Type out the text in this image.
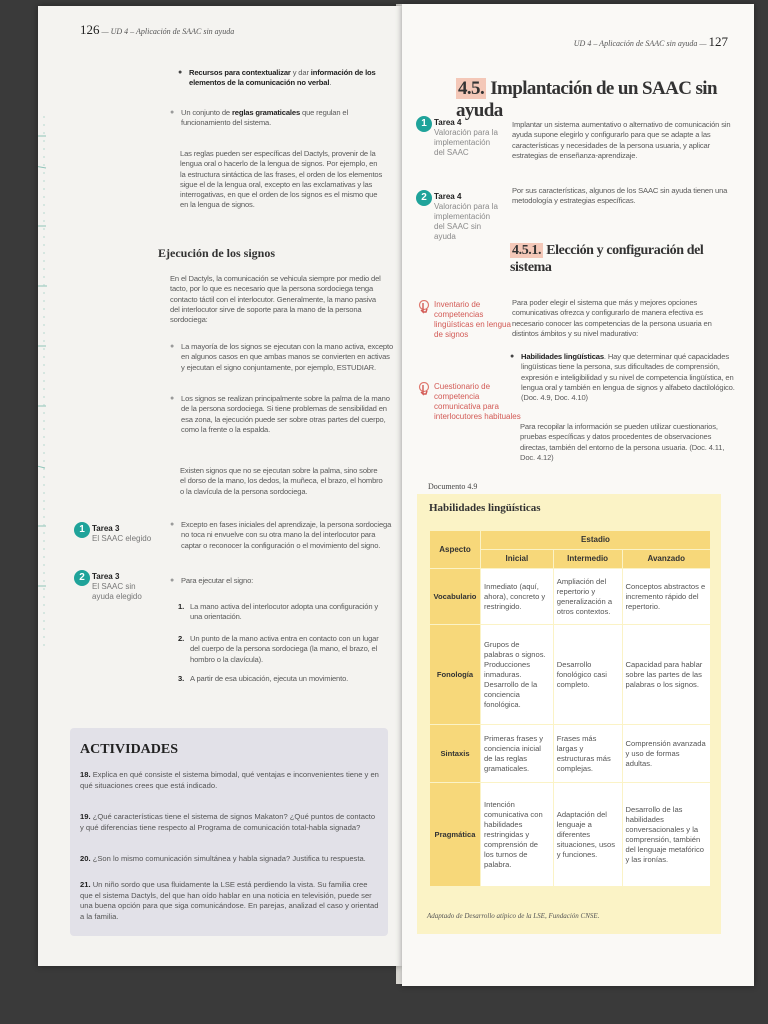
126 — UD 4 – Aplicación de SAAC sin ayuda
● Recursos para contextualizar y dar información de los elementos de la comunicación no verbal.
● Un conjunto de reglas gramaticales que regulan el funcionamiento del sistema.
Las reglas pueden ser específicas del Dactyls, provenir de la lengua oral o hacerlo de la lengua de signos. Por ejemplo, en la estructura sintáctica de las frases, el orden de los elementos sigue el de la lengua oral, excepto en las exclamativas y las interrogativas, en que el orden de los signos es el mismo que en la lengua de signos.
Ejecución de los signos
En el Dactyls, la comunicación se vehicula siempre por medio del tacto, por lo que es necesario que la persona sordociega tenga contacto táctil con el interlocutor. Generalmente, la mano pasiva del interlocutor sirve de soporte para la mano de la persona sordociega:
● La mayoría de los signos se ejecutan con la mano activa, excepto en algunos casos en que ambas manos se convierten en activas y ejecutan el signo conjuntamente, por ejemplo, ESTUDIAR.
● Los signos se realizan principalmente sobre la palma de la mano de la persona sordociega. Si tiene problemas de sensibilidad en esa zona, la ejecución puede ser sobre otras partes del cuerpo, como la frente o la espalda.
Existen signos que no se ejecutan sobre la palma, sino sobre el dorso de la mano, los dedos, la muñeca, el brazo, el hombro o la clavícula de la persona sordociega.
● Excepto en fases iniciales del aprendizaje, la persona sordociega no toca ni envuelve con su otra mano la del interlocutor para captar o reconocer la configuración o el movimiento del signo.
● Para ejecutar el signo:
1. La mano activa del interlocutor adopta una configuración y una orientación.
2. Un punto de la mano activa entra en contacto con un lugar del cuerpo de la persona sordociega (la mano, el brazo, el hombro o la clavícula).
3. A partir de esa ubicación, ejecuta un movimiento.
1 Tarea 3
El SAAC elegido
2 Tarea 3
El SAAC sin ayuda elegido
ACTIVIDADES
18. Explica en qué consiste el sistema bimodal, qué ventajas e inconvenientes tiene y en qué situaciones crees que está indicado.
19. ¿Qué características tiene el sistema de signos Makaton? ¿Qué puntos de contacto y qué diferencias tiene respecto al Programa de comunicación total-habla signada?
20. ¿Son lo mismo comunicación simultánea y habla signada? Justifica tu respuesta.
21. Un niño sordo que usa fluidamente la LSE está perdiendo la vista. Su familia cree que el sistema Dactyls, del que han oído hablar en una noticia en televisión, puede ser una buena opción para que siga comunicándose. En parejas, analizad el caso y orientad a la familia.
UD 4 – Aplicación de SAAC sin ayuda — 127
4.5. Implantación de un SAAC sin ayuda
1 Tarea 4
Valoración para la implementación del SAAC
2 Tarea 4
Valoración para la implementación del SAAC sin ayuda
Implantar un sistema aumentativo o alternativo de comunicación sin ayuda supone elegirlo y configurarlo para que se adapte a las características y necesidades de la persona usuaria, y aplicar estrategias de enseñanza-aprendizaje.
Por sus características, algunos de los SAAC sin ayuda tienen una metodología y estrategias específicas.
4.5.1. Elección y configuración del sistema
Para poder elegir el sistema que más y mejores opciones comunicativas ofrezca y configurarlo de manera efectiva es necesario conocer las competencias de la persona usuaria en distintos ámbitos y su nivel madurativo:
● Habilidades lingüísticas. Hay que determinar qué capacidades lingüísticas tiene la persona, sus dificultades de comprensión, expresión e inteligibilidad y su nivel de competencia lingüística, en lengua oral y también en lengua de signos y alfabeto dactilológico. (Doc. 4.9, Doc. 4.10)
Para recopilar la información se pueden utilizar cuestionarios, pruebas específicas y datos procedentes de observaciones directas, también del entorno de la persona usuaria. (Doc. 4.11, Doc. 4.12)
Inventario de competencias lingüísticas en lengua de signos
Cuestionario de competencia comunicativa para interlocutores habituales
Documento 4.9
Habilidades lingüísticas
Aspecto	Estadio		
	Inicial	Intermedio	Avanzado
Vocabulario	Inmediato (aquí, ahora), concreto y restringido.	Ampliación del repertorio y generalización a otros contextos.	Conceptos abstractos e incremento rápido del repertorio.
Fonología	Grupos de palabras o signos. Producciones inmaduras. Desarrollo de la conciencia fonológica.	Desarrollo fonológico casi completo.	Capacidad para hablar sobre las partes de las palabras o los signos.
Sintaxis	Primeras frases y conciencia inicial de las reglas gramaticales.	Frases más largas y estructuras más complejas.	Comprensión avanzada y uso de formas adultas.
Pragmática	Intención comunicativa con habilidades restringidas y comprensión de los turnos de palabra.	Adaptación del lenguaje a diferentes situaciones, usos y funciones.	Desarrollo de las habilidades conversacionales y la comprensión, también del lenguaje metafórico y las ironías.
Adaptado de Desarrollo atípico de la LSE, Fundación CNSE.
